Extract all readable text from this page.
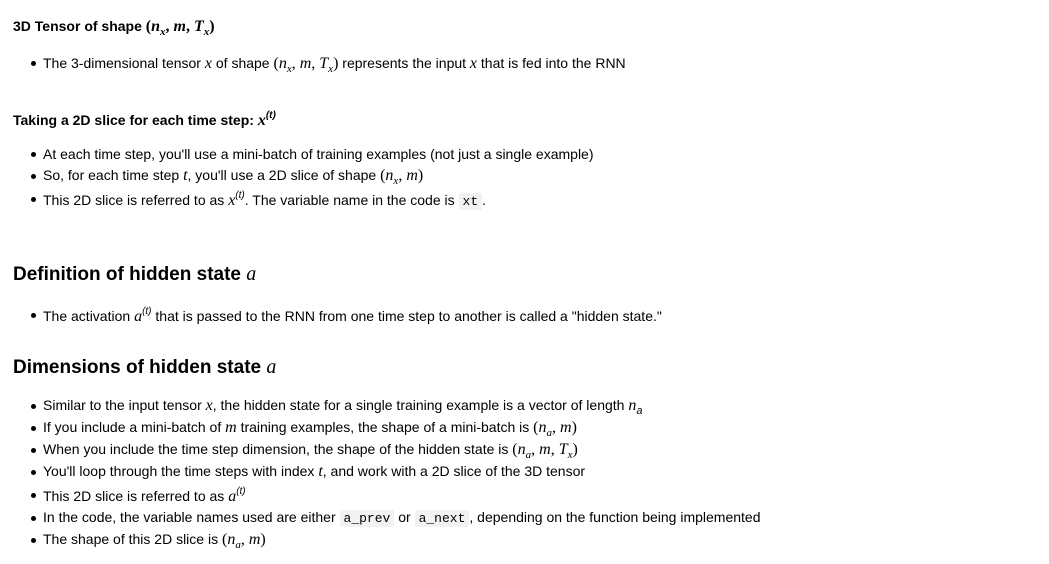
3D Tensor of shape ($n_x$, m, $T_x$)
The 3-dimensional tensor x of shape ($n_x$, m, $T_x$) represents the input x that is fed into the RNN
Taking a 2D slice for each time step: $x^{(t)}$
At each time step, you'll use a mini-batch of training examples (not just a single example)
So, for each time step t, you'll use a 2D slice of shape ($n_x$, m)
This 2D slice is referred to as $x^{(t)}$. The variable name in the code is xt .
Definition of hidden state a
The activation $a^{(t)}$ that is passed to the RNN from one time step to another is called a "hidden state."
Dimensions of hidden state a
Similar to the input tensor x, the hidden state for a single training example is a vector of length $n_a$
If you include a mini-batch of m training examples, the shape of a mini-batch is ($n_a$, m)
When you include the time step dimension, the shape of the hidden state is ($n_a$, m, $T_x$)
You'll loop through the time steps with index t, and work with a 2D slice of the 3D tensor
This 2D slice is referred to as $a^{(t)}$
In the code, the variable names used are either a_prev or a_next , depending on the function being implemented
The shape of this 2D slice is ($n_a$, m)
